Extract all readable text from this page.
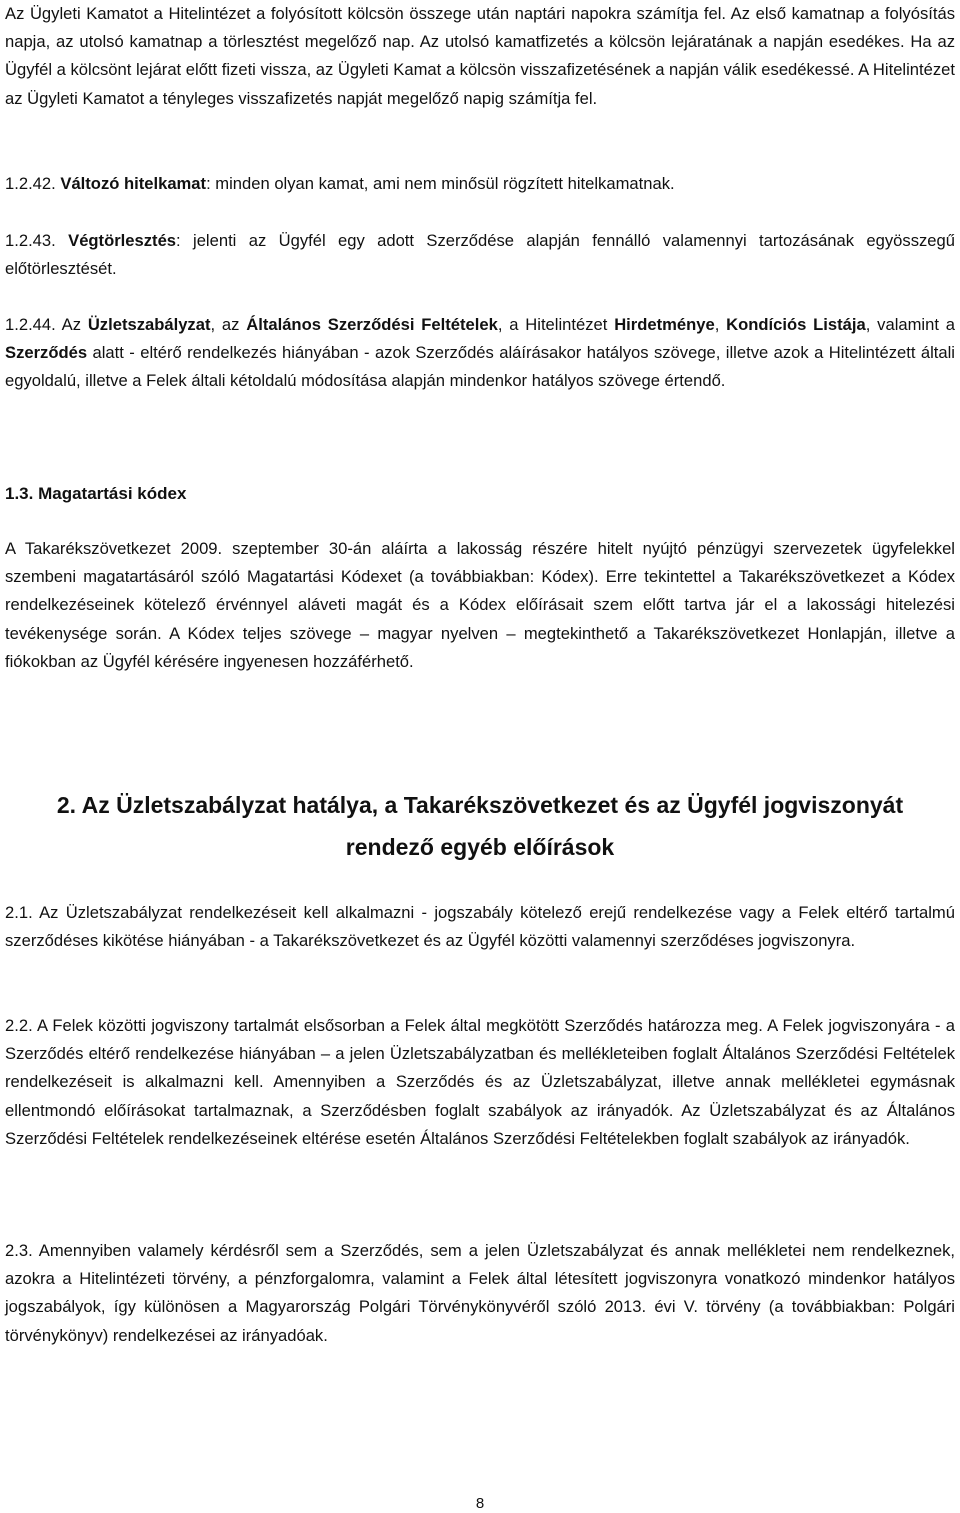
Az Ügyleti Kamatot a Hitelintézet a folyósított kölcsön összege után naptári napokra számítja fel. Az első kamatnap a folyósítás napja, az utolsó kamatnap a törlesztést megelőző nap. Az utolsó kamatfizetés a kölcsön lejáratának a napján esedékes. Ha az Ügyfél a kölcsönt lejárat előtt fizeti vissza, az Ügyleti Kamat a kölcsön visszafizetésének a napján válik esedékessé. A Hitelintézet az Ügyleti Kamatot a tényleges visszafizetés napját megelőző napig számítja fel.

1.2.42. Változó hitelkamat: minden olyan kamat, ami nem minősül rögzített hitelkamatnak.

1.2.43. Végtörlesztés: jelenti az Ügyfél egy adott Szerződése alapján fennálló valamennyi tartozásának egyösszegű előtörlesztését.

1.2.44. Az Üzletszabályzat, az Általános Szerződési Feltételek, a Hitelintézet Hirdetménye, Kondíciós Listája, valamint a Szerződés alatt - eltérő rendelkezés hiányában - azok Szerződés aláírásakor hatályos szövege, illetve azok a Hitelintézett általi egyoldalú, illetve a Felek általi kétoldalú módosítása alapján mindenkor hatályos szövege értendő.

1.3. Magatartási kódex

A Takarékszövetkezet 2009. szeptember 30-án aláírta a lakosság részére hitelt nyújtó pénzügyi szervezetek ügyfelekkel szembeni magatartásáról szóló Magatartási Kódexet (a továbbiakban: Kódex). Erre tekintettel a Takarékszövetkezet a Kódex rendelkezéseinek kötelező érvénnyel aláveti magát és a Kódex előírásait szem előtt tartva jár el a lakossági hitelezési tevékenysége során. A Kódex teljes szövege – magyar nyelven – megtekinthető a Takarékszövetkezet Honlapján, illetve a fiókokban az Ügyfél kérésére ingyenesen hozzáférhető.

2. Az Üzletszabályzat hatálya, a Takarékszövetkezet és az Ügyfél jogviszonyát
rendező egyéb előírások

2.1. Az Üzletszabályzat rendelkezéseit kell alkalmazni - jogszabály kötelező erejű rendelkezése vagy a Felek eltérő tartalmú szerződéses kikötése hiányában - a Takarékszövetkezet és az Ügyfél közötti valamennyi szerződéses jogviszonyra.

2.2. A Felek közötti jogviszony tartalmát elsősorban a Felek által megkötött Szerződés határozza meg. A Felek jogviszonyára - a Szerződés eltérő rendelkezése hiányában – a jelen Üzletszabályzatban és mellékleteiben foglalt Általános Szerződési Feltételek rendelkezéseit is alkalmazni kell. Amennyiben a Szerződés és az Üzletszabályzat, illetve annak mellékletei egymásnak ellentmondó előírásokat tartalmaznak, a Szerződésben foglalt szabályok az irányadók. Az Üzletszabályzat és az Általános Szerződési Feltételek rendelkezéseinek eltérése esetén Általános Szerződési Feltételekben foglalt szabályok az irányadók.

2.3. Amennyiben valamely kérdésről sem a Szerződés, sem a jelen Üzletszabályzat és annak mellékletei nem rendelkeznek, azokra a Hitelintézeti törvény, a pénzforgalomra, valamint a Felek által létesített jogviszonyra vonatkozó mindenkor hatályos jogszabályok, így különösen a Magyarország Polgári Törvénykönyvéről szóló 2013. évi V. törvény (a továbbiakban: Polgári törvénykönyv) rendelkezései az irányadóak.

8
